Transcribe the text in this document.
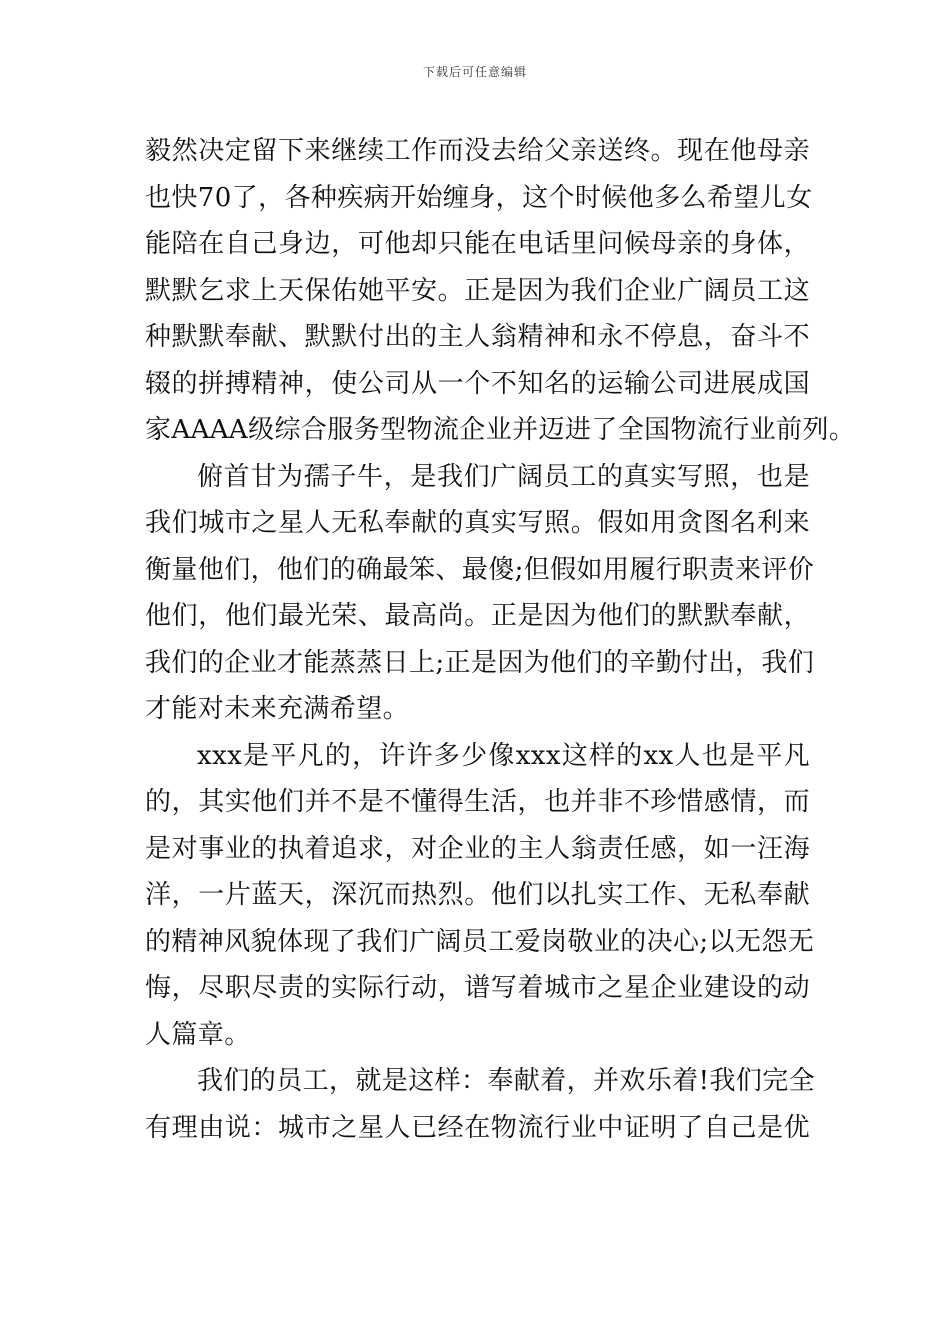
下载后可任意编辑
毅然决定留下来继续工作而没去给父亲送终。现在他母亲
也快70了，各种疾病开始缠身，这个时候他多么希望儿女
能陪在自己身边，可他却只能在电话里问候母亲的身体，
默默乞求上天保佑她平安。正是因为我们企业广阔员工这
种默默奉献、默默付出的主人翁精神和永不停息，奋斗不
辍的拼搏精神，使公司从一个不知名的运输公司进展成国
家AAAA级综合服务型物流企业并迈进了全国物流行业前列。
俯首甘为孺子牛，是我们广阔员工的真实写照，也是
我们城市之星人无私奉献的真实写照。假如用贪图名利来
衡量他们，他们的确最笨、最傻;但假如用履行职责来评价
他们，他们最光荣、最高尚。正是因为他们的默默奉献，
我们的企业才能蒸蒸日上;正是因为他们的辛勤付出，我们
才能对未来充满希望。
xxx是平凡的，许许多少像xxx这样的xx人也是平凡
的，其实他们并不是不懂得生活，也并非不珍惜感情，而
是对事业的执着追求，对企业的主人翁责任感，如一汪海
洋，一片蓝天，深沉而热烈。他们以扎实工作、无私奉献
的精神风貌体现了我们广阔员工爱岗敬业的决心;以无怨无
悔，尽职尽责的实际行动，谱写着城市之星企业建设的动
人篇章。
我们的员工，就是这样：奉献着，并欢乐着!我们完全
有理由说：城市之星人已经在物流行业中证明了自己是优
